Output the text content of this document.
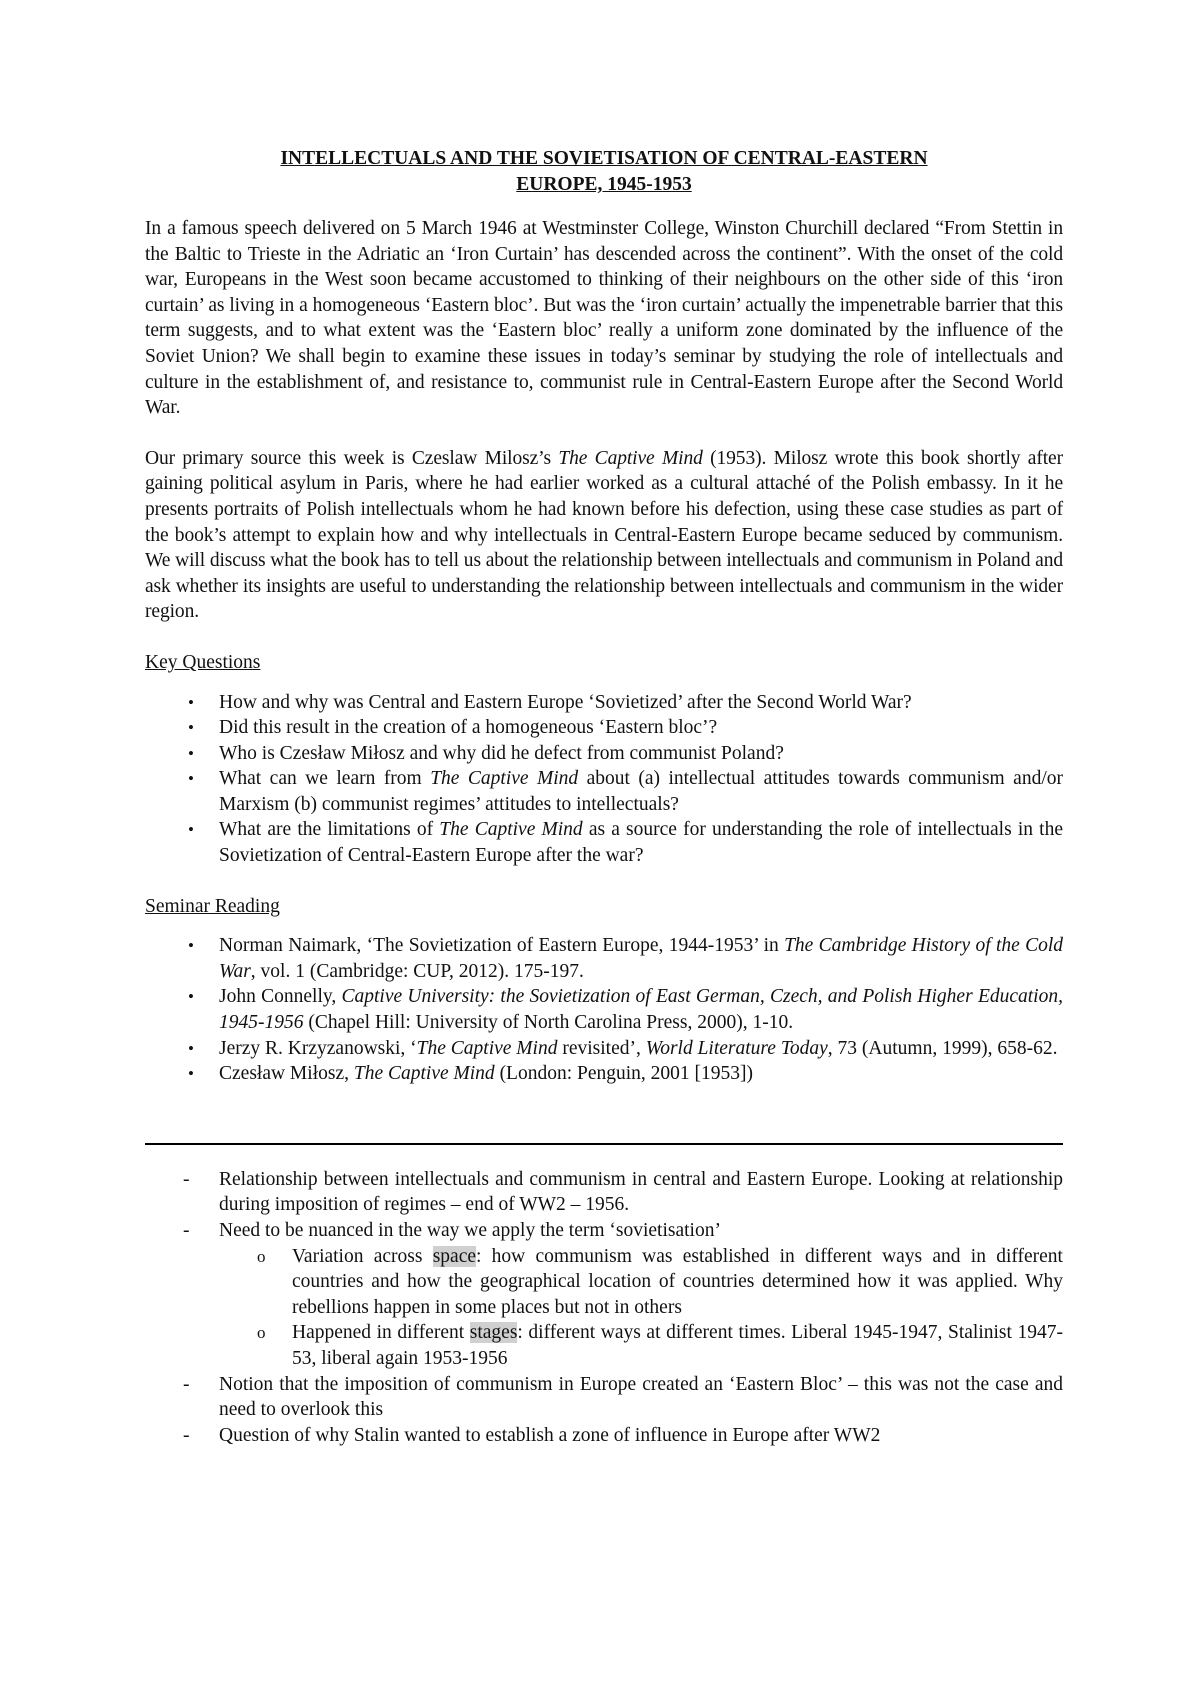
INTELLECTUALS AND THE SOVIETISATION OF CENTRAL-EASTERN
EUROPE, 1945-1953

In a famous speech delivered on 5 March 1946 at Westminster College, Winston Churchill declared “From Stettin in the Baltic to Trieste in the Adriatic an ‘Iron Curtain’ has descended across the continent”. With the onset of the cold war, Europeans in the West soon became accustomed to thinking of their neighbours on the other side of this ‘iron curtain’ as living in a homogeneous ‘Eastern bloc’. But was the ‘iron curtain’ actually the impenetrable barrier that this term suggests, and to what extent was the ‘Eastern bloc’ really a uniform zone dominated by the influence of the Soviet Union? We shall begin to examine these issues in today’s seminar by studying the role of intellectuals and culture in the establishment of, and resistance to, communist rule in Central-Eastern Europe after the Second World War.

Our primary source this week is Czeslaw Milosz’s The Captive Mind (1953). Milosz wrote this book shortly after gaining political asylum in Paris, where he had earlier worked as a cultural attaché of the Polish embassy. In it he presents portraits of Polish intellectuals whom he had known before his defection, using these case studies as part of the book’s attempt to explain how and why intellectuals in Central-Eastern Europe became seduced by communism. We will discuss what the book has to tell us about the relationship between intellectuals and communism in Poland and ask whether its insights are useful to understanding the relationship between intellectuals and communism in the wider region.

Key Questions
• How and why was Central and Eastern Europe ‘Sovietized’ after the Second World War?
• Did this result in the creation of a homogeneous ‘Eastern bloc’?
• Who is Czesław Miłosz and why did he defect from communist Poland?
• What can we learn from The Captive Mind about (a) intellectual attitudes towards communism and/or Marxism (b) communist regimes’ attitudes to intellectuals?
• What are the limitations of The Captive Mind as a source for understanding the role of intellectuals in the Sovietization of Central-Eastern Europe after the war?
Seminar Reading
• Norman Naimark, ‘The Sovietization of Eastern Europe, 1944-1953’ in The Cambridge History of the Cold War, vol. 1 (Cambridge: CUP, 2012). 175-197.
• John Connelly, Captive University: the Sovietization of East German, Czech, and Polish Higher Education, 1945-1956 (Chapel Hill: University of North Carolina Press, 2000), 1-10.
• Jerzy R. Krzyzanowski, ‘The Captive Mind revisited’, World Literature Today, 73 (Autumn, 1999), 658-62.
• Czesław Miłosz, The Captive Mind (London: Penguin, 2001 [1953])
- Relationship between intellectuals and communism in central and Eastern Europe. Looking at relationship during imposition of regimes – end of WW2 – 1956.
- Need to be nuanced in the way we apply the term ‘sovietisation’
o Variation across space: how communism was established in different ways and in different countries and how the geographical location of countries determined how it was applied. Why rebellions happen in some places but not in others
o Happened in different stages: different ways at different times. Liberal 1945-1947, Stalinist 1947-53, liberal again 1953-1956
- Notion that the imposition of communism in Europe created an ‘Eastern Bloc’ – this was not the case and need to overlook this
- Question of why Stalin wanted to establish a zone of influence in Europe after WW2
